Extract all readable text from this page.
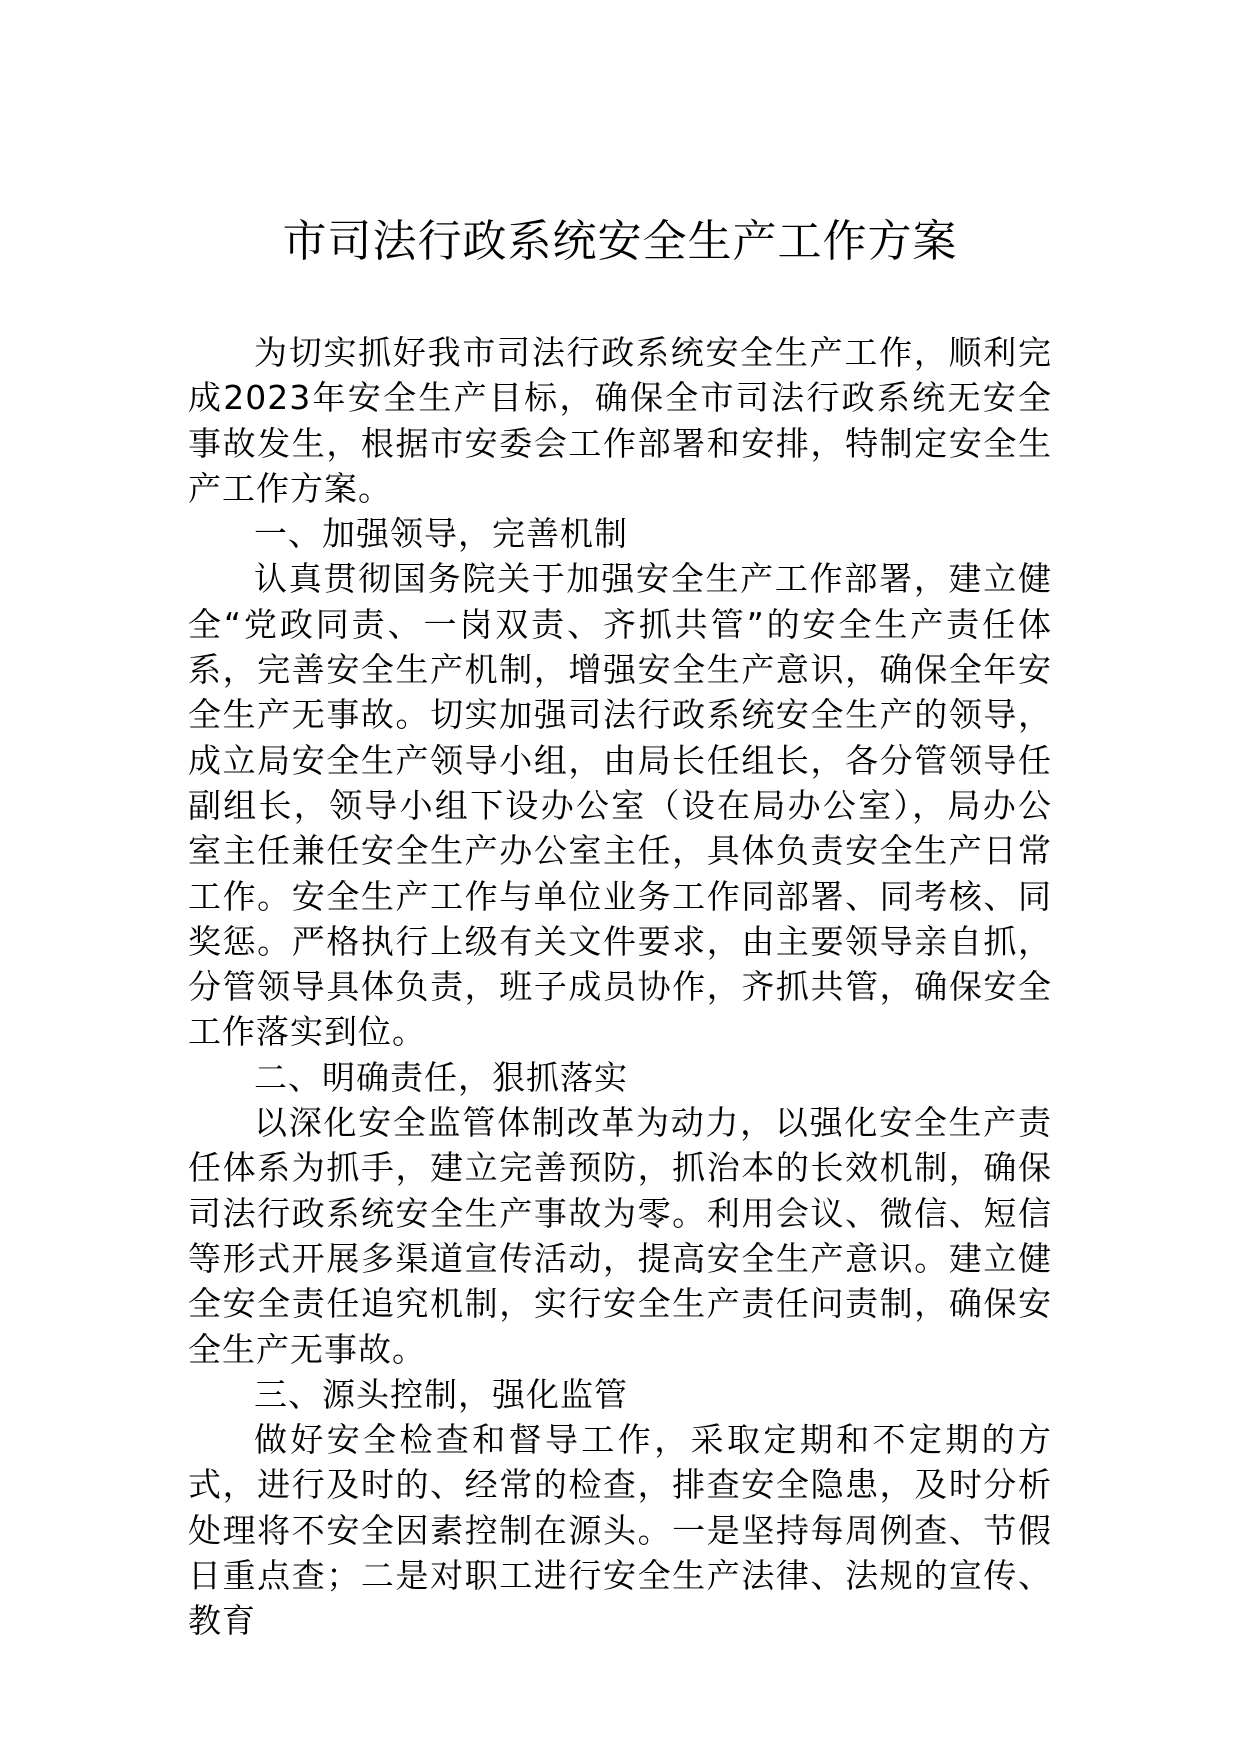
市司法行政系统安全生产工作方案

为切实抓好我市司法行政系统安全生产工作，顺利完成2023年安全生产目标，确保全市司法行政系统无安全事故发生，根据市安委会工作部署和安排，特制定安全生产工作方案。

一、加强领导，完善机制

认真贯彻国务院关于加强安全生产工作部署，建立健全“党政同责、一岗双责、齐抓共管”的安全生产责任体系，完善安全生产机制，增强安全生产意识，确保全年安全生产无事故。切实加强司法行政系统安全生产的领导，成立局安全生产领导小组，由局长任组长，各分管领导任副组长，领导小组下设办公室（设在局办公室），局办公室主任兼任安全生产办公室主任，具体负责安全生产日常工作。安全生产工作与单位业务工作同部署、同考核、同奖惩。严格执行上级有关文件要求，由主要领导亲自抓，分管领导具体负责，班子成员协作，齐抓共管，确保安全工作落实到位。

二、明确责任，狠抓落实

以深化安全监管体制改革为动力，以强化安全生产责任体系为抓手，建立完善预防，抓治本的长效机制，确保司法行政系统安全生产事故为零。利用会议、微信、短信等形式开展多渠道宣传活动，提高安全生产意识。建立健全安全责任追究机制，实行安全生产责任问责制，确保安全生产无事故。

三、源头控制，强化监管

做好安全检查和督导工作，采取定期和不定期的方式，进行及时的、经常的检查，排查安全隐患，及时分析处理将不安全因素控制在源头。一是坚持每周例查、节假日重点查；二是对职工进行安全生产法律、法规的宣传、教育
